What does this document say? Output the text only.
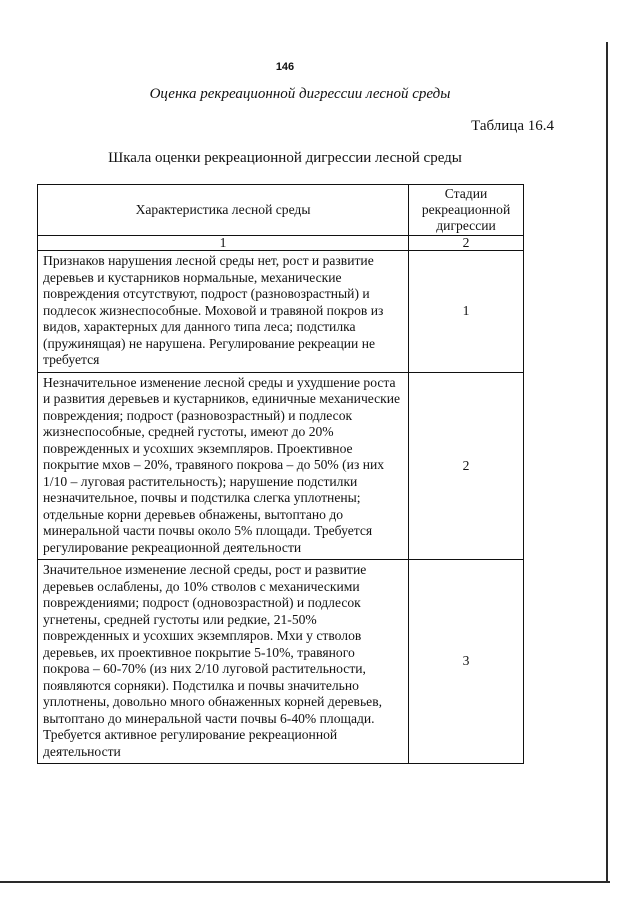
146
Оценка рекреационной дигрессии лесной среды
Таблица 16.4
Шкала оценки рекреационной дигрессии лесной среды
Характеристика лесной среды	Стадии рекреационной дигрессии
1	2
Признаков нарушения лесной среды нет, рост и развитие деревьев и кустарников нормальные, механические повреждения отсутствуют, подрост (разновозрастный) и подлесок жизнеспособные. Моховой и травяной покров из видов, характерных для данного типа леса; подстилка (пружинящая) не нарушена. Регулирование рекреации не требуется	1
Незначительное изменение лесной среды и ухудшение роста и развития деревьев и кустарников, единичные механические повреждения; подрост (разновозрастный) и подлесок жизнеспособные, средней густоты, имеют до 20% поврежденных и усохших экземпляров. Проективное покрытие мхов – 20%, травяного покрова – до 50% (из них 1/10 – луговая растительность); нарушение подстилки незначительное, почвы и подстилка слегка уплотнены; отдельные корни деревьев обнажены, вытоптано до минеральной части почвы около 5% площади. Требуется регулирование рекреационной деятельности	2
Значительное изменение лесной среды, рост и развитие деревьев ослаблены, до 10% стволов с механическими повреждениями; подрост (одновозрастной) и подлесок угнетены, средней густоты или редкие, 21-50% поврежденных и усохших экземпляров. Мхи у стволов деревьев, их проективное покрытие 5-10%, травяного покрова – 60-70% (из них 2/10 луговой растительности, появляются сорняки). Подстилка и почвы значительно уплотнены, довольно много обнаженных корней деревьев, вытоптано до минеральной части почвы 6-40% площади. Требуется активное регулирование рекреационной деятельности	3
